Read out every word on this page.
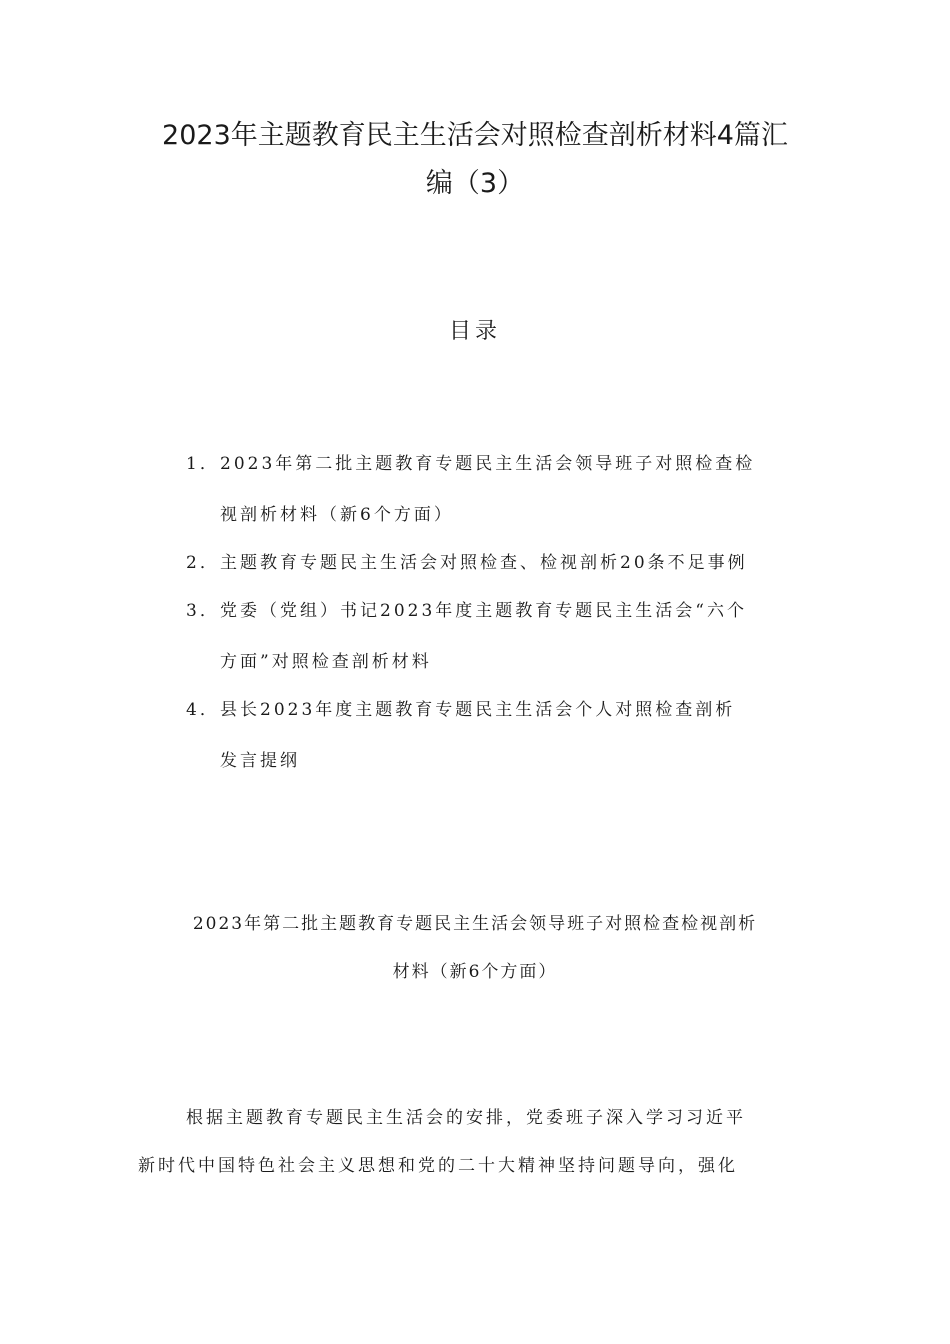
2023年主题教育民主生活会对照检查剖析材料4篇汇
编（3）
目录
1． 2023年第二批主题教育专题民主生活会领导班子对照检查检
视剖析材料（新6个方面）
2． 主题教育专题民主生活会对照检查、检视剖析20条不足事例
3． 党委（党组）书记2023年度主题教育专题民主生活会“六个
方面”对照检查剖析材料
4． 县长2023年度主题教育专题民主生活会个人对照检查剖析
发言提纲
2023年第二批主题教育专题民主生活会领导班子对照检查检视剖析
材料（新6个方面）

根据主题教育专题民主生活会的安排，党委班子深入学习习近平
新时代中国特色社会主义思想和党的二十大精神坚持问题导向，强化
